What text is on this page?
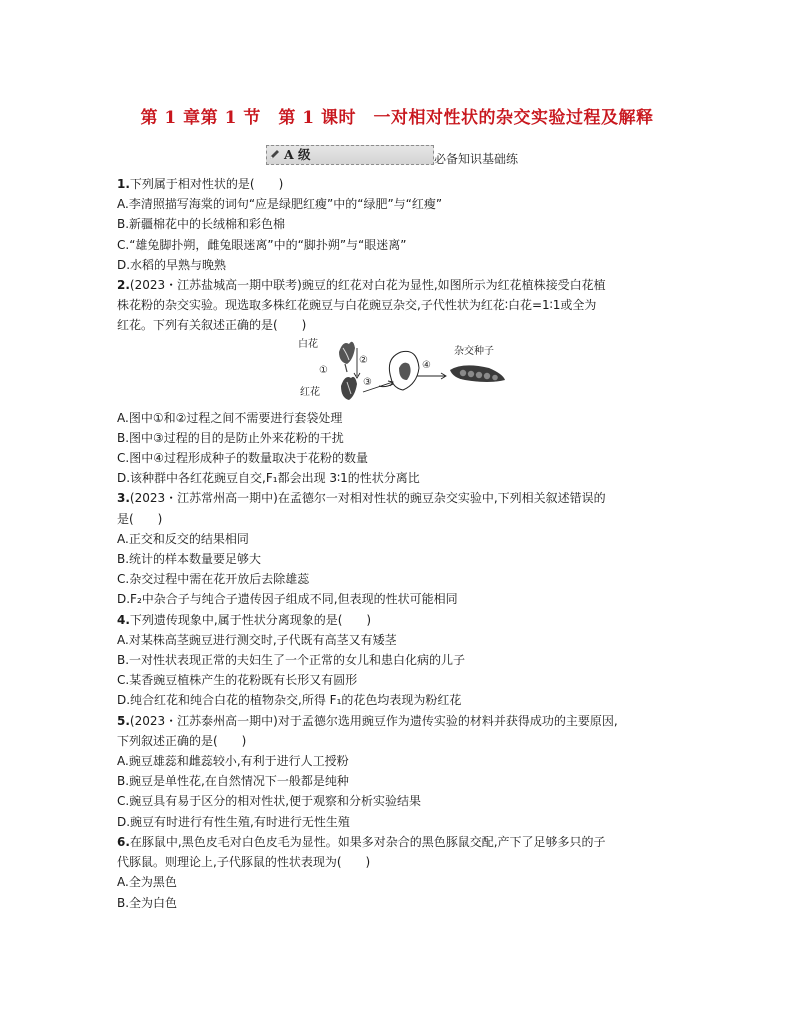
第 1 章第 1 节　第 1 课时　一对相对性状的杂交实验过程及解释
A 级	必备知识基础练
1.下列属于相对性状的是(　　)
A.李清照描写海棠的词句“应是绿肥红瘦”中的“绿肥”与“红瘦”
B.新疆棉花中的长绒棉和彩色棉
C.“雄兔脚扑朔，雌兔眼迷离”中的“脚扑朔”与“眼迷离”
D.水稻的早熟与晚熟
2.(2023・江苏盐城高一期中联考)豌豆的红花对白花为显性,如图所示为红花植株接受白花植
株花粉的杂交实验。现选取多株红花豌豆与白花豌豆杂交,子代性状为红花∶白花=1∶1或全为
红花。下列有关叙述正确的是(　　)
白花
红花
①
②
③
④
杂交种子
A.图中①和②过程之间不需要进行套袋处理
B.图中③过程的目的是防止外来花粉的干扰
C.图中④过程形成种子的数量取决于花粉的数量
D.该种群中各红花豌豆自交,F₁都会出现 3∶1的性状分离比
3.(2023・江苏常州高一期中)在孟德尔一对相对性状的豌豆杂交实验中,下列相关叙述错误的
是(　　)
A.正交和反交的结果相同
B.统计的样本数量要足够大
C.杂交过程中需在花开放后去除雄蕊
D.F₂中杂合子与纯合子遗传因子组成不同,但表现的性状可能相同
4.下列遗传现象中,属于性状分离现象的是(　　)
A.对某株高茎豌豆进行测交时,子代既有高茎又有矮茎
B.一对性状表现正常的夫妇生了一个正常的女儿和患白化病的儿子
C.某香豌豆植株产生的花粉既有长形又有圆形
D.纯合红花和纯合白花的植物杂交,所得 F₁的花色均表现为粉红花
5.(2023・江苏泰州高一期中)对于孟德尔选用豌豆作为遗传实验的材料并获得成功的主要原因,
下列叙述正确的是(　　)
A.豌豆雄蕊和雌蕊较小,有利于进行人工授粉
B.豌豆是单性花,在自然情况下一般都是纯种
C.豌豆具有易于区分的相对性状,便于观察和分析实验结果
D.豌豆有时进行有性生殖,有时进行无性生殖
6.在豚鼠中,黑色皮毛对白色皮毛为显性。如果多对杂合的黑色豚鼠交配,产下了足够多只的子
代豚鼠。则理论上,子代豚鼠的性状表现为(　　)
A.全为黑色
B.全为白色
